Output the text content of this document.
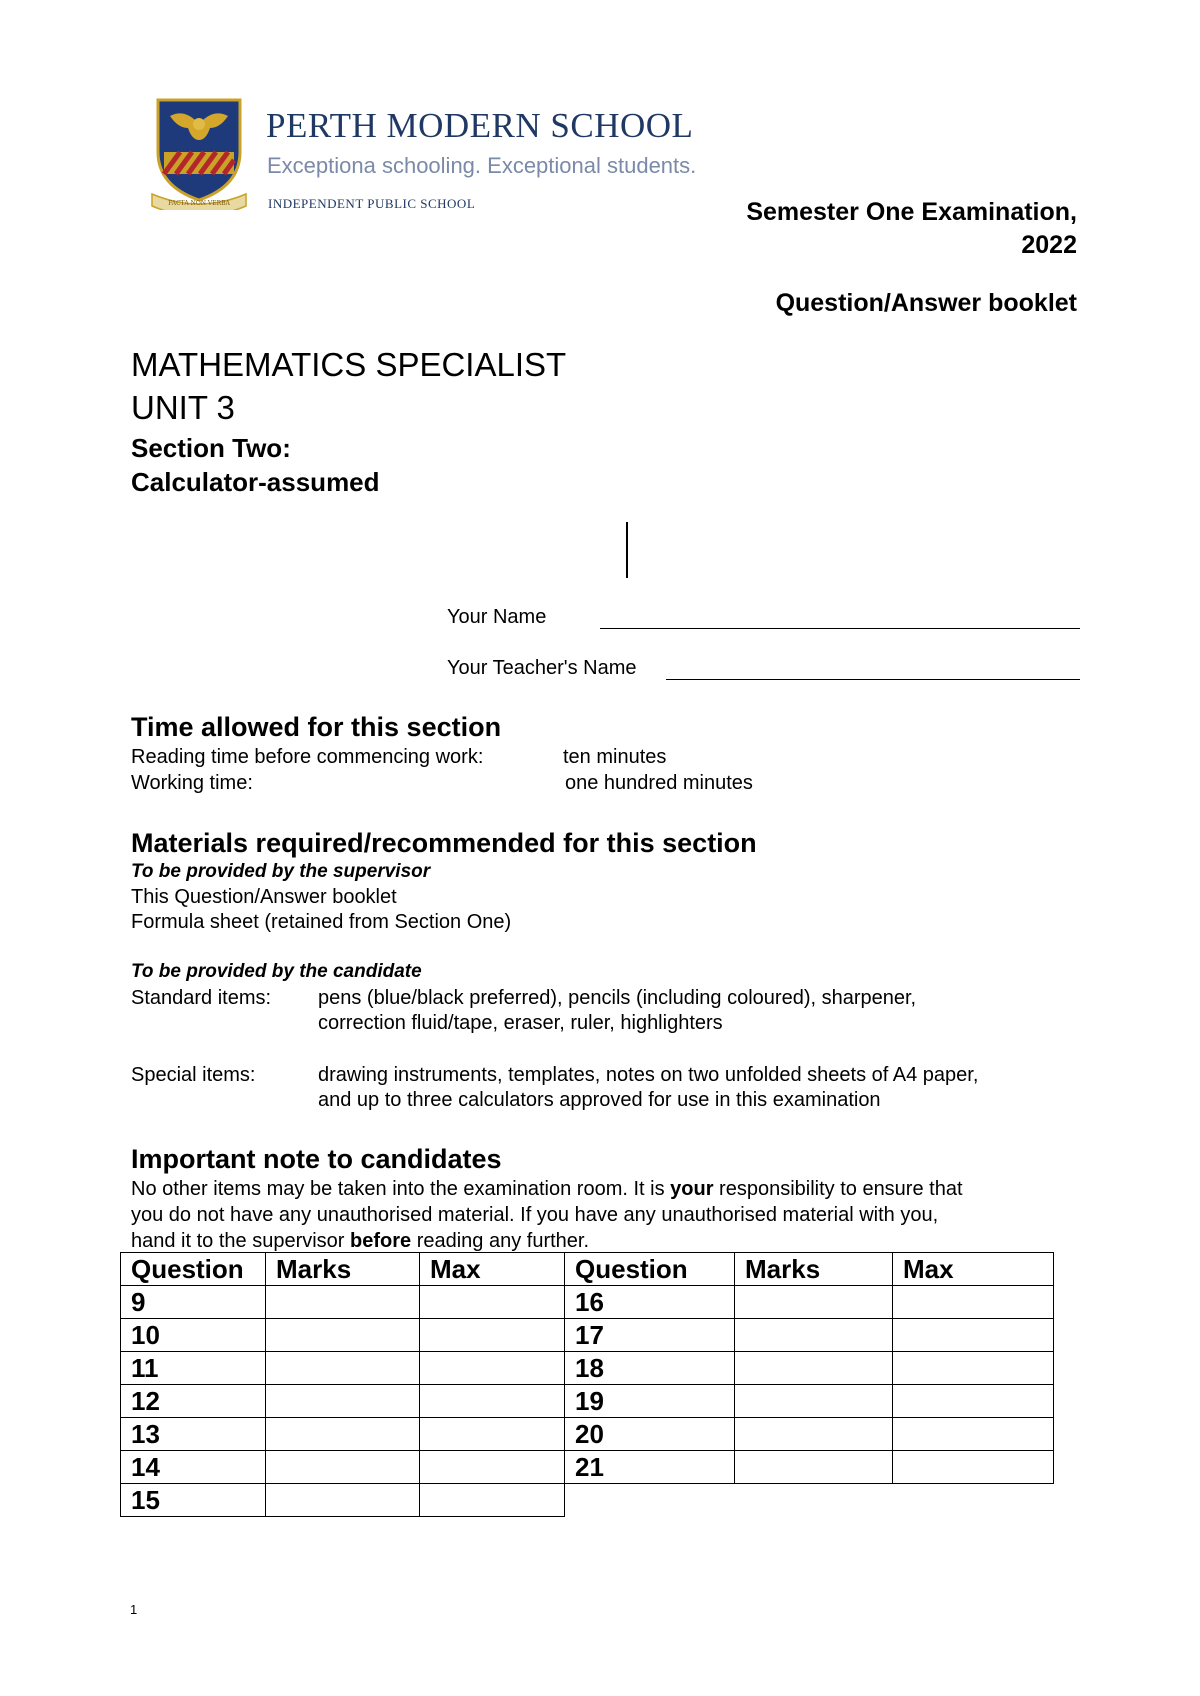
FACTA NON VERBA
PERTH MODERN SCHOOL
Exceptiona schooling. Exceptional students.
INDEPENDENT PUBLIC SCHOOL	Semester One Examination,
2022
Question/Answer booklet
MATHEMATICS SPECIALIST
UNIT 3
Section Two:
Calculator-assumed
Your Name
Your Teacher's Name
Time allowed for this section
Reading time before commencing work:	ten minutes
Working time:	one hundred minutes
Materials required/recommended for this section
To be provided by the supervisor
This Question/Answer booklet
Formula sheet (retained from Section One)
To be provided by the candidate
Standard items: pens (blue/black preferred), pencils (including coloured), sharpener,
correction fluid/tape, eraser, ruler, highlighters
Special items:	drawing instruments, templates, notes on two unfolded sheets of A4 paper,
and up to three calculators approved for use in this examination
Important note to candidates
No other items may be taken into the examination room. It is your responsibility to ensure that
you do not have any unauthorised material. If you have any unauthorised material with you,
hand it to the supervisor before reading any further.
Question	Marks	Max	Question	Marks	Max
9			16		
10			17		
11			18		
12			19		
13			20		
14			21		
15					
1
